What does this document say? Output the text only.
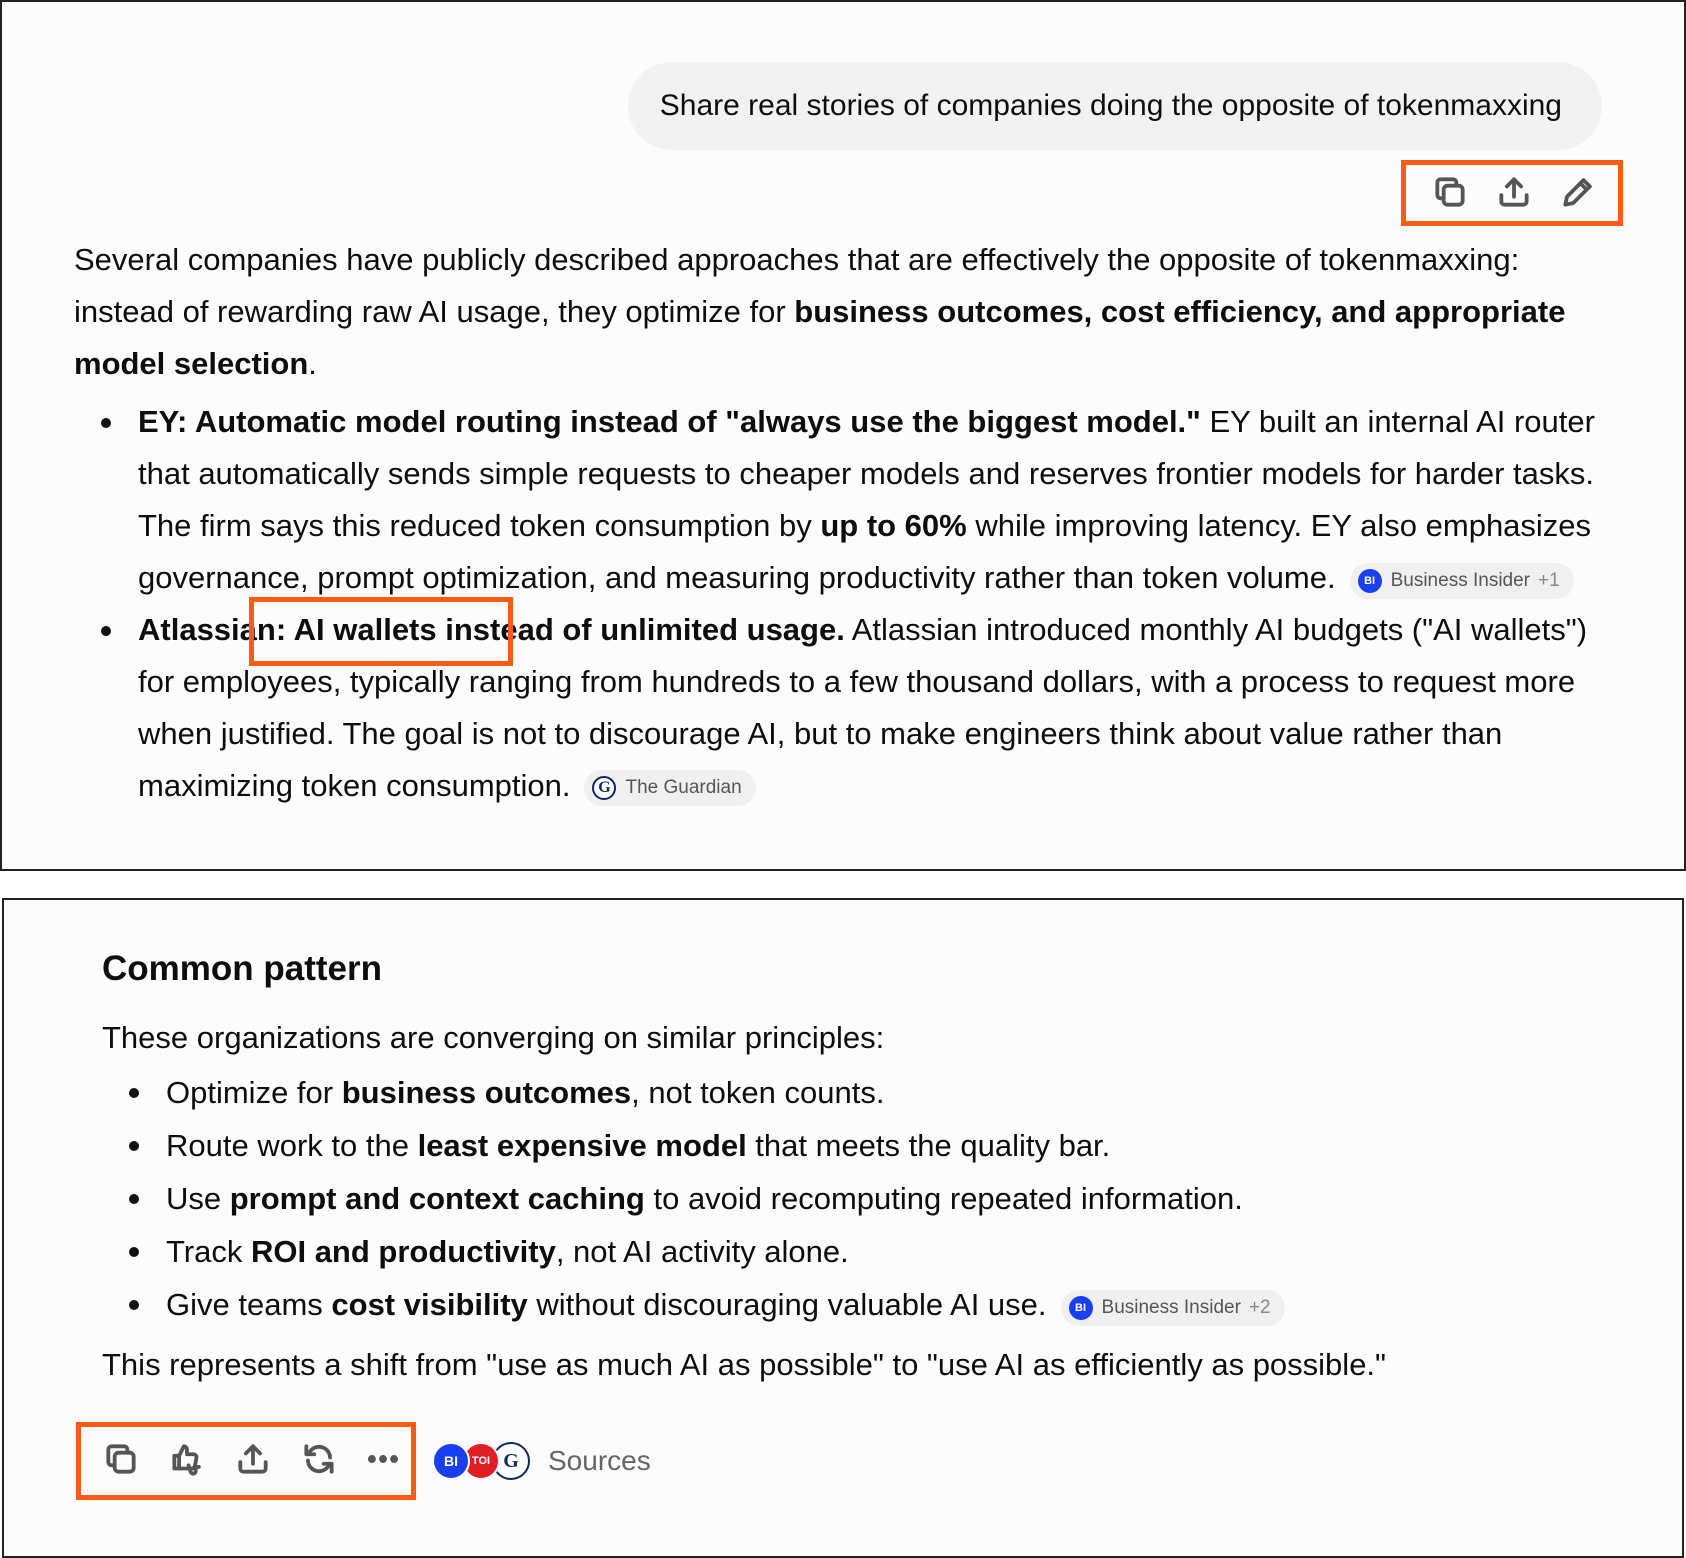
Share real stories of companies doing the opposite of tokenmaxxing

Several companies have publicly described approaches that are effectively the opposite of tokenmaxxing: instead of rewarding raw AI usage, they optimize for business outcomes, cost efficiency, and appropriate model selection.

EY: Automatic model routing instead of "always use the biggest model." EY built an internal AI router that automatically sends simple requests to cheaper models and reserves frontier models for harder tasks. The firm says this reduced token consumption by up to 60% while improving latency. EY also emphasizes governance, prompt optimization, and measuring productivity rather than token volume.	BI Business Insider +1
Atlassian: AI wallets instead of unlimited usage. Atlassian introduced monthly AI budgets ("AI wallets") for employees, typically ranging from hundreds to a few thousand dollars, with a process to request more when justified. The goal is not to discourage AI, but to make engineers think about value rather than maximizing token consumption.	G The Guardian
Common pattern

These organizations are converging on similar principles:

Optimize for business outcomes, not token counts.
Route work to the least expensive model that meets the quality bar.
Use prompt and context caching to avoid recomputing repeated information.
Track ROI and productivity, not AI activity alone.
Give teams cost visibility without discouraging valuable AI use.	BI Business Insider +2

This represents a shift from "use as much AI as possible" to "use AI as efficiently as possible."

BI	TOI G	Sources
